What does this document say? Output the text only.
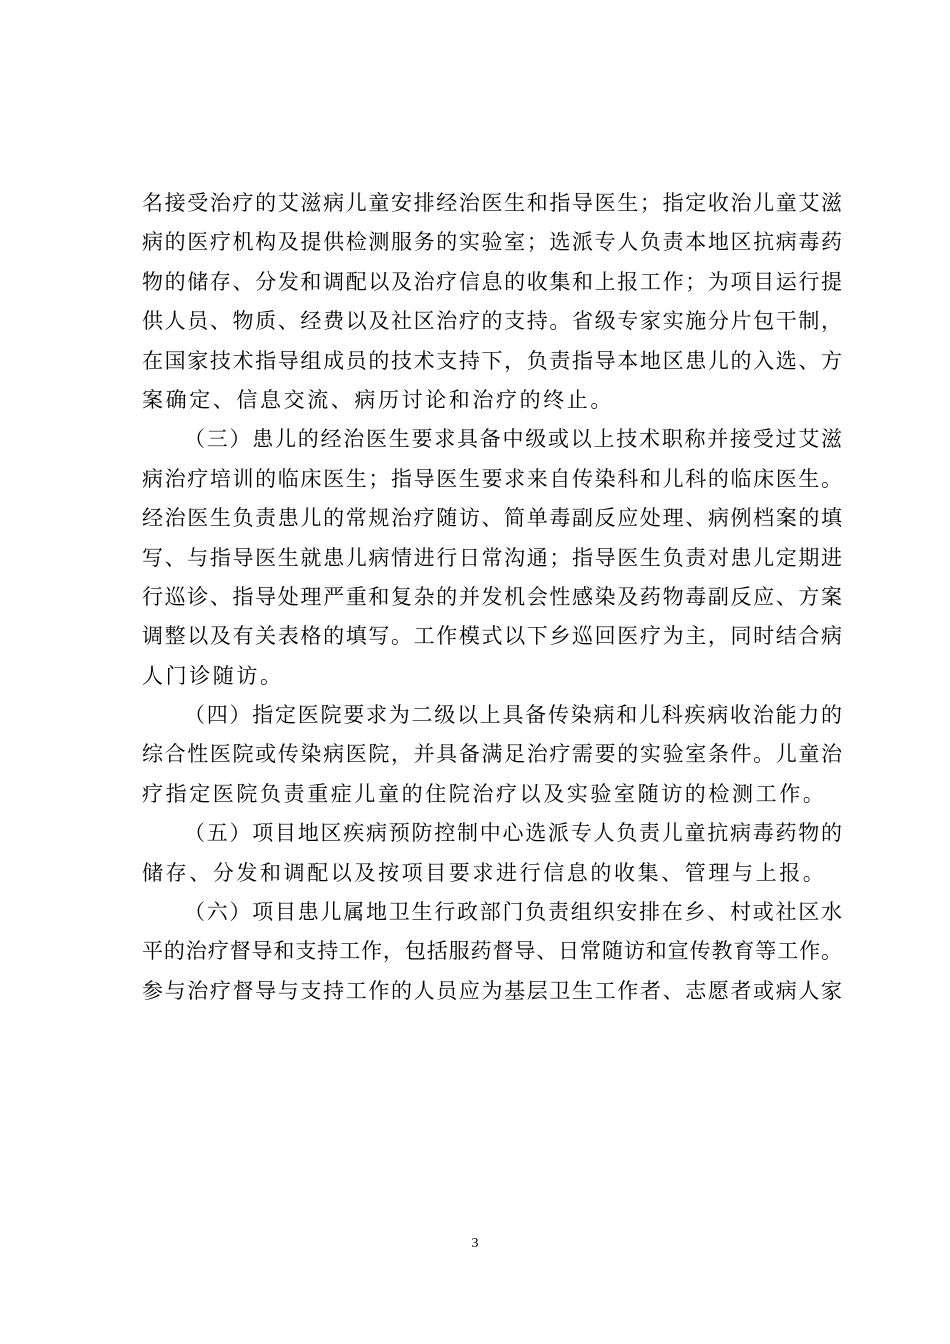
名接受治疗的艾滋病儿童安排经治医生和指导医生；指定收治儿童艾滋
病的医疗机构及提供检测服务的实验室；选派专人负责本地区抗病毒药
物的储存、分发和调配以及治疗信息的收集和上报工作；为项目运行提
供人员、物质、经费以及社区治疗的支持。省级专家实施分片包干制，
在国家技术指导组成员的技术支持下，负责指导本地区患儿的入选、方
案确定、信息交流、病历讨论和治疗的终止。
（三）患儿的经治医生要求具备中级或以上技术职称并接受过艾滋
病治疗培训的临床医生；指导医生要求来自传染科和儿科的临床医生。
经治医生负责患儿的常规治疗随访、简单毒副反应处理、病例档案的填
写、与指导医生就患儿病情进行日常沟通；指导医生负责对患儿定期进
行巡诊、指导处理严重和复杂的并发机会性感染及药物毒副反应、方案
调整以及有关表格的填写。工作模式以下乡巡回医疗为主，同时结合病
人门诊随访。
（四）指定医院要求为二级以上具备传染病和儿科疾病收治能力的
综合性医院或传染病医院，并具备满足治疗需要的实验室条件。儿童治
疗指定医院负责重症儿童的住院治疗以及实验室随访的检测工作。
（五）项目地区疾病预防控制中心选派专人负责儿童抗病毒药物的
储存、分发和调配以及按项目要求进行信息的收集、管理与上报。
（六）项目患儿属地卫生行政部门负责组织安排在乡、村或社区水
平的治疗督导和支持工作，包括服药督导、日常随访和宣传教育等工作。
参与治疗督导与支持工作的人员应为基层卫生工作者、志愿者或病人家
3
